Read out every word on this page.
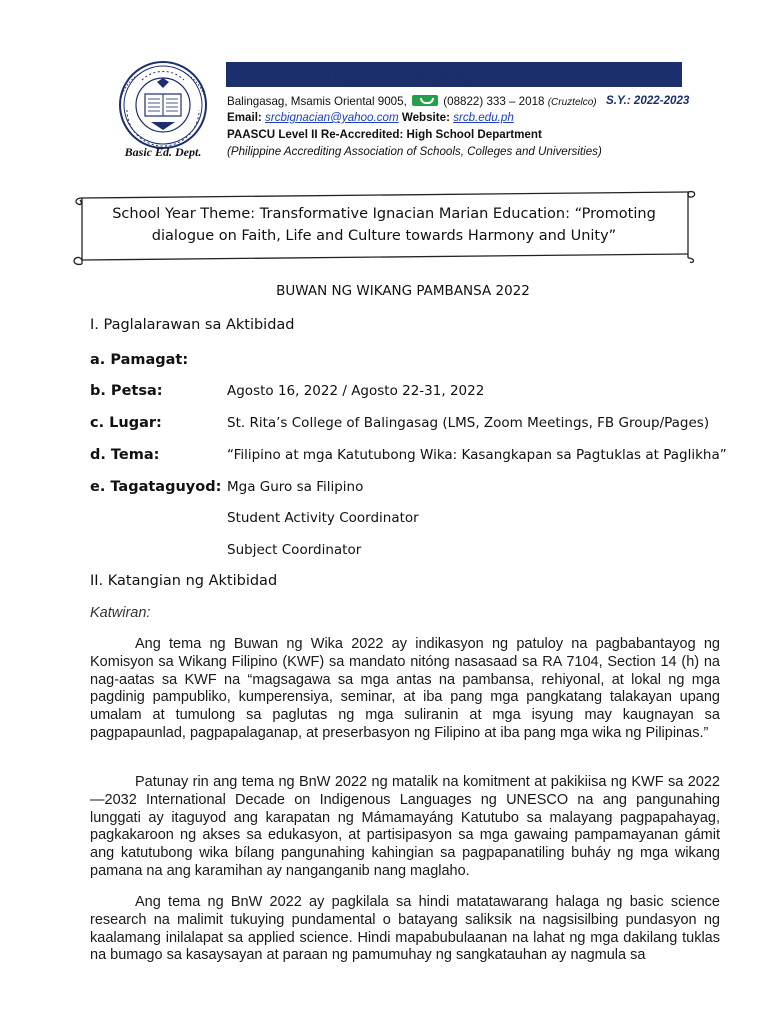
Basic Ed. Dept.
St. Rita’s College of Balingasag
Balingasag, Msamis Oriental 9005,	(08822) 333 – 2018 (Cruztelco) S.Y.: 2022-2023
Email: srcbignacian@yahoo.com Website: srcb.edu.ph
PAASCU Level II Re-Accredited: High School Department
(Philippine Accrediting Association of Schools, Colleges and Universities)
School Year Theme: Transformative Ignacian Marian Education: “Promoting
dialogue on Faith, Life and Culture towards Harmony and Unity”
BUWAN NG WIKANG PAMBANSA 2022
I. Paglalarawan sa Aktibidad
a. Pamagat:
b. Petsa:	Agosto 16, 2022 / Agosto 22-31, 2022
c. Lugar:	St. Rita’s College of Balingasag (LMS, Zoom Meetings, FB Group/Pages)
d. Tema:	“Filipino at mga Katutubong Wika: Kasangkapan sa Pagtuklas at Paglikha”
e. Tagataguyod: Mga Guro sa Filipino
Student Activity Coordinator
Subject Coordinator
II. Katangian ng Aktibidad
Katwiran:
Ang tema ng Buwan ng Wika 2022 ay indikasyon ng patuloy na pagbabantayog ng Komisyon sa Wikang Filipino (KWF) sa mandato nitóng nasasaad sa RA 7104, Section 14 (h) na nag-aatas sa KWF na “magsagawa sa mga antas na pambansa, rehiyonal, at lokal ng mga pagdinig pampubliko, kumperensiya, seminar, at iba pang mga pangkatang talakayan upang umalam at tumulong sa paglutas ng mga suliranin at mga isyung may kaugnayan sa pagpapaunlad, pagpapalaganap, at preserbasyon ng Filipino at iba pang mga wika ng Pilipinas.”
Patunay rin ang tema ng BnW 2022 ng matalik na komitment at pakikiisa ng KWF sa 2022—2032 International Decade on Indigenous Languages ng UNESCO na ang pangunahing lunggati ay itaguyod ang karapatan ng Mámamayáng Katutubo sa malayang pagpapahayag, pagkakaroon ng akses sa edukasyon, at partisipasyon sa mga gawaing pampamayanan gámit ang katutubong wika bílang pangunahing kahingian sa pagpapanatiling buháy ng mga wikang pamana na ang karamihan ay nanganganib nang maglaho.
Ang tema ng BnW 2022 ay pagkilala sa hindi matatawarang halaga ng basic science research na malimit tukuying pundamental o batayang saliksik na nagsisilbing pundasyon ng kaalamang inilalapat sa applied science. Hindi mapabubulaanan na lahat ng mga dakilang tuklas na bumago sa kasaysayan at paraan ng pamumuhay ng sangkatauhan ay nagmula sa
